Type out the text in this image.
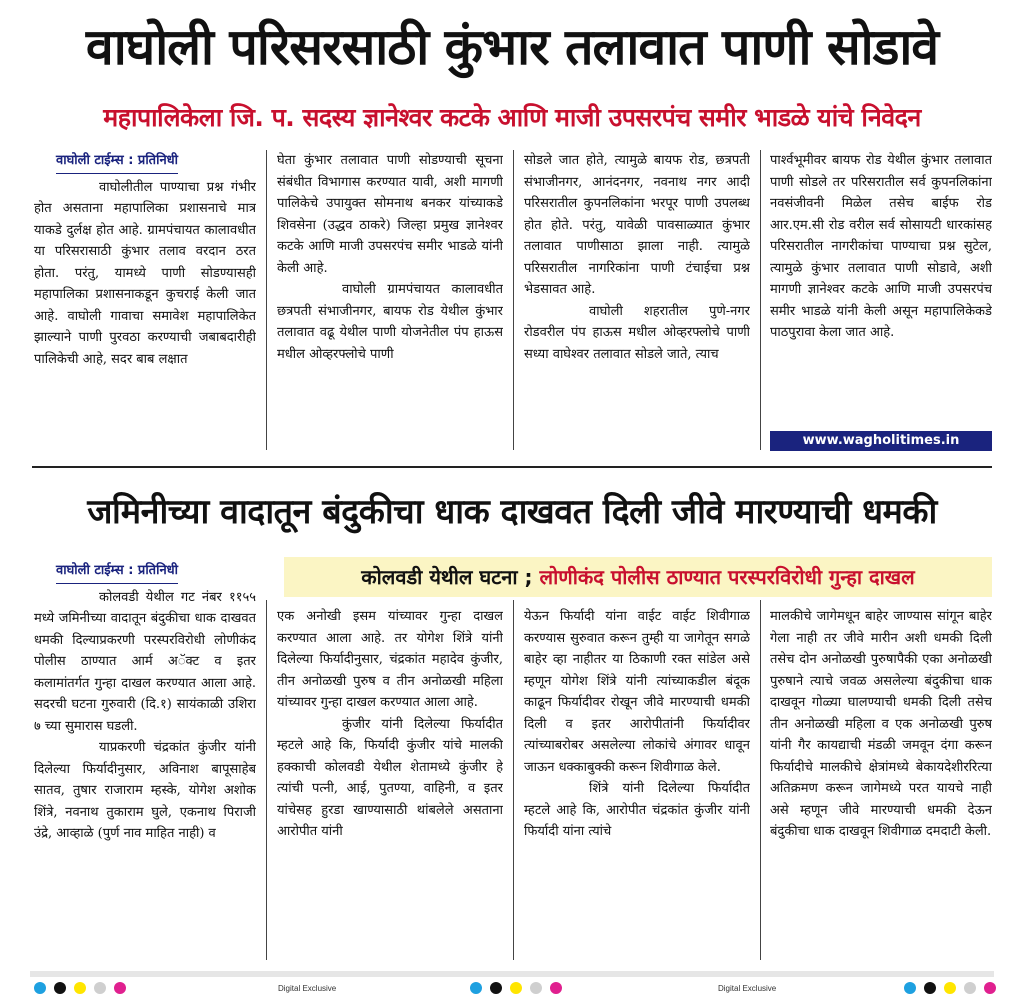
वाघोली परिसरसाठी कुंभार तलावात पाणी सोडावे
महापालिकेला जि. प. सदस्य ज्ञानेश्वर कटके आणि माजी उपसरपंच समीर भाडळे यांचे निवेदन
वाघोली टाईम्स : प्रतिनिधी

वाघोलीतील पाण्याचा प्रश्न गंभीर होत असताना महापालिका प्रशासनाचे मात्र याकडे दुर्लक्ष होत आहे. ग्रामपंचायत कालावधीत या परिसरासाठी कुंभार तलाव वरदान ठरत होता. परंतु, यामध्ये पाणी सोडण्यासही महापालिका प्रशासनाकडून कुचराई केली जात आहे. वाघोली गावाचा समावेश महापालिकेत झाल्याने पाणी पुरवठा करण्याची जबाबदारीही पालिकेची आहे, सदर बाब लक्षात

घेता कुंभार तलावात पाणी सोडण्याची सूचना संबंधीत विभागास करण्यात यावी, अशी मागणी पालिकेचे उपायुक्त सोमनाथ बनकर यांच्याकडे शिवसेना (उद्धव ठाकरे) जिल्हा प्रमुख ज्ञानेश्वर कटके आणि माजी उपसरपंच समीर भाडळे यांनी केली आहे.

वाघोली ग्रामपंचायत कालावधीत छत्रपती संभाजीनगर, बायफ रोड येथील कुंभार तलावात वढू येथील पाणी योजनेतील पंप हाऊस मधील ओव्हरफ्लोचे पाणी

सोडले जात होते, त्यामुळे बायफ रोड, छत्रपती संभाजीनगर, आनंदनगर, नवनाथ नगर आदी परिसरातील कुपनलिकांना भरपूर पाणी उपलब्ध होत होते. परंतु, यावेळी पावसाळ्यात कुंभार तलावात पाणीसाठा झाला नाही. त्यामुळे परिसरातील नागरिकांना पाणी टंचाईचा प्रश्न भेडसावत आहे.

वाघोली शहरातील पुणे-नगर रोडवरील पंप हाऊस मधील ओव्हरफ्लोचे पाणी सध्या वाघेश्वर तलावात सोडले जाते, त्याच

पार्श्वभूमीवर बायफ रोड येथील कुंभार तलावात पाणी सोडले तर परिसरातील सर्व कुपनलिकांना नवसंजीवनी मिळेल तसेच बाईफ रोड आर.एम.सी रोड वरील सर्व सोसायटी धारकांसह परिसरातील नागरीकांचा पाण्याचा प्रश्न सुटेल, त्यामुळे कुंभार तलावात पाणी सोडावे, अशी मागणी ज्ञानेश्वर कटके आणि माजी उपसरपंच समीर भाडळे यांनी केली असून महापालिकेकडे पाठपुरावा केला जात आहे.

www.wagholitimes.in
जमिनीच्या वादातून बंदुकीचा धाक दाखवत दिली जीवे मारण्याची धमकी
कोलवडी येथील घटना ; लोणीकंद पोलीस ठाण्यात परस्परविरोधी गुन्हा दाखल
वाघोली टाईम्स : प्रतिनिधी

कोलवडी येथील गट नंबर ११५५ मध्ये जमिनीच्या वादातून बंदुकीचा धाक दाखवत धमकी दिल्याप्रकरणी परस्परविरोधी लोणीकंद पोलीस ठाण्यात आर्म अॅक्ट व इतर कलामांतर्गत गुन्हा दाखल करण्यात आला आहे. सदरची घटना गुरुवारी (दि.१) सायंकाळी उशिरा ७ च्या सुमारास घडली.

याप्रकरणी चंद्रकांत कुंजीर यांनी दिलेल्या फिर्यादीनुसार, अविनाश बापूसाहेब सातव, तुषार राजाराम म्हस्के, योगेश अशोक शिंत्रे, नवनाथ तुकाराम घुले, एकनाथ पिराजी उंद्रे, आव्हाळे (पुर्ण नाव माहित नाही) व

एक अनोखी इसम यांच्यावर गुन्हा दाखल करण्यात आला आहे. तर योगेश शिंत्रे यांनी दिलेल्या फिर्यादीनुसार, चंद्रकांत महादेव कुंजीर, तीन अनोळखी पुरुष व तीन अनोळखी महिला यांच्यावर गुन्हा दाखल करण्यात आला आहे.

कुंजीर यांनी दिलेल्या फिर्यादीत म्हटले आहे कि, फिर्यादी कुंजीर यांचे मालकी हक्काची कोलवडी येथील शेतामध्ये कुंजीर हे त्यांची पत्नी, आई, पुतण्या, वाहिनी, व इतर यांचेसह हुरडा खाण्यासाठी थांबलेले असताना आरोपीत यांनी

येऊन फिर्यादी यांना वाईट वाईट शिवीगाळ करण्यास सुरुवात करून तुम्ही या जागेतून सगळे बाहेर व्हा नाहीतर या ठिकाणी रक्त सांडेल असे म्हणून योगेश शिंत्रे यांनी त्यांच्याकडील बंदूक काढून फिर्यादीवर रोखून जीवे मारण्याची धमकी दिली व इतर आरोपीतांनी फिर्यादीवर त्यांच्याबरोबर असलेल्या लोकांचे अंगावर धावून जाऊन धक्काबुक्की करून शिवीगाळ केले.

शिंत्रे यांनी दिलेल्या फिर्यादीत म्हटले आहे कि, आरोपीत चंद्रकांत कुंजीर यांनी फिर्यादी यांना त्यांचे

मालकीचे जागेमधून बाहेर जाण्यास सांगून बाहेर गेला नाही तर जीवे मारीन अशी धमकी दिली तसेच दोन अनोळखी पुरुषापैकी एका अनोळखी पुरुषाने त्याचे जवळ असलेल्या बंदुकीचा धाक दाखवून गोळ्या घालण्याची धमकी दिली तसेच तीन अनोळखी महिला व एक अनोळखी पुरुष यांनी गैर कायद्याची मंडळी जमवून दंगा करून फिर्यादीचे मालकीचे क्षेत्रांमध्ये बेकायदेशीररित्या अतिक्रमण करून जागेमध्ये परत यायचे नाही असे म्हणून जीवे मारण्याची धमकी देऊन बंदुकीचा धाक दाखवून शिवीगाळ दमदाटी केली.

Digital Exclusive	Digital Exclusive
